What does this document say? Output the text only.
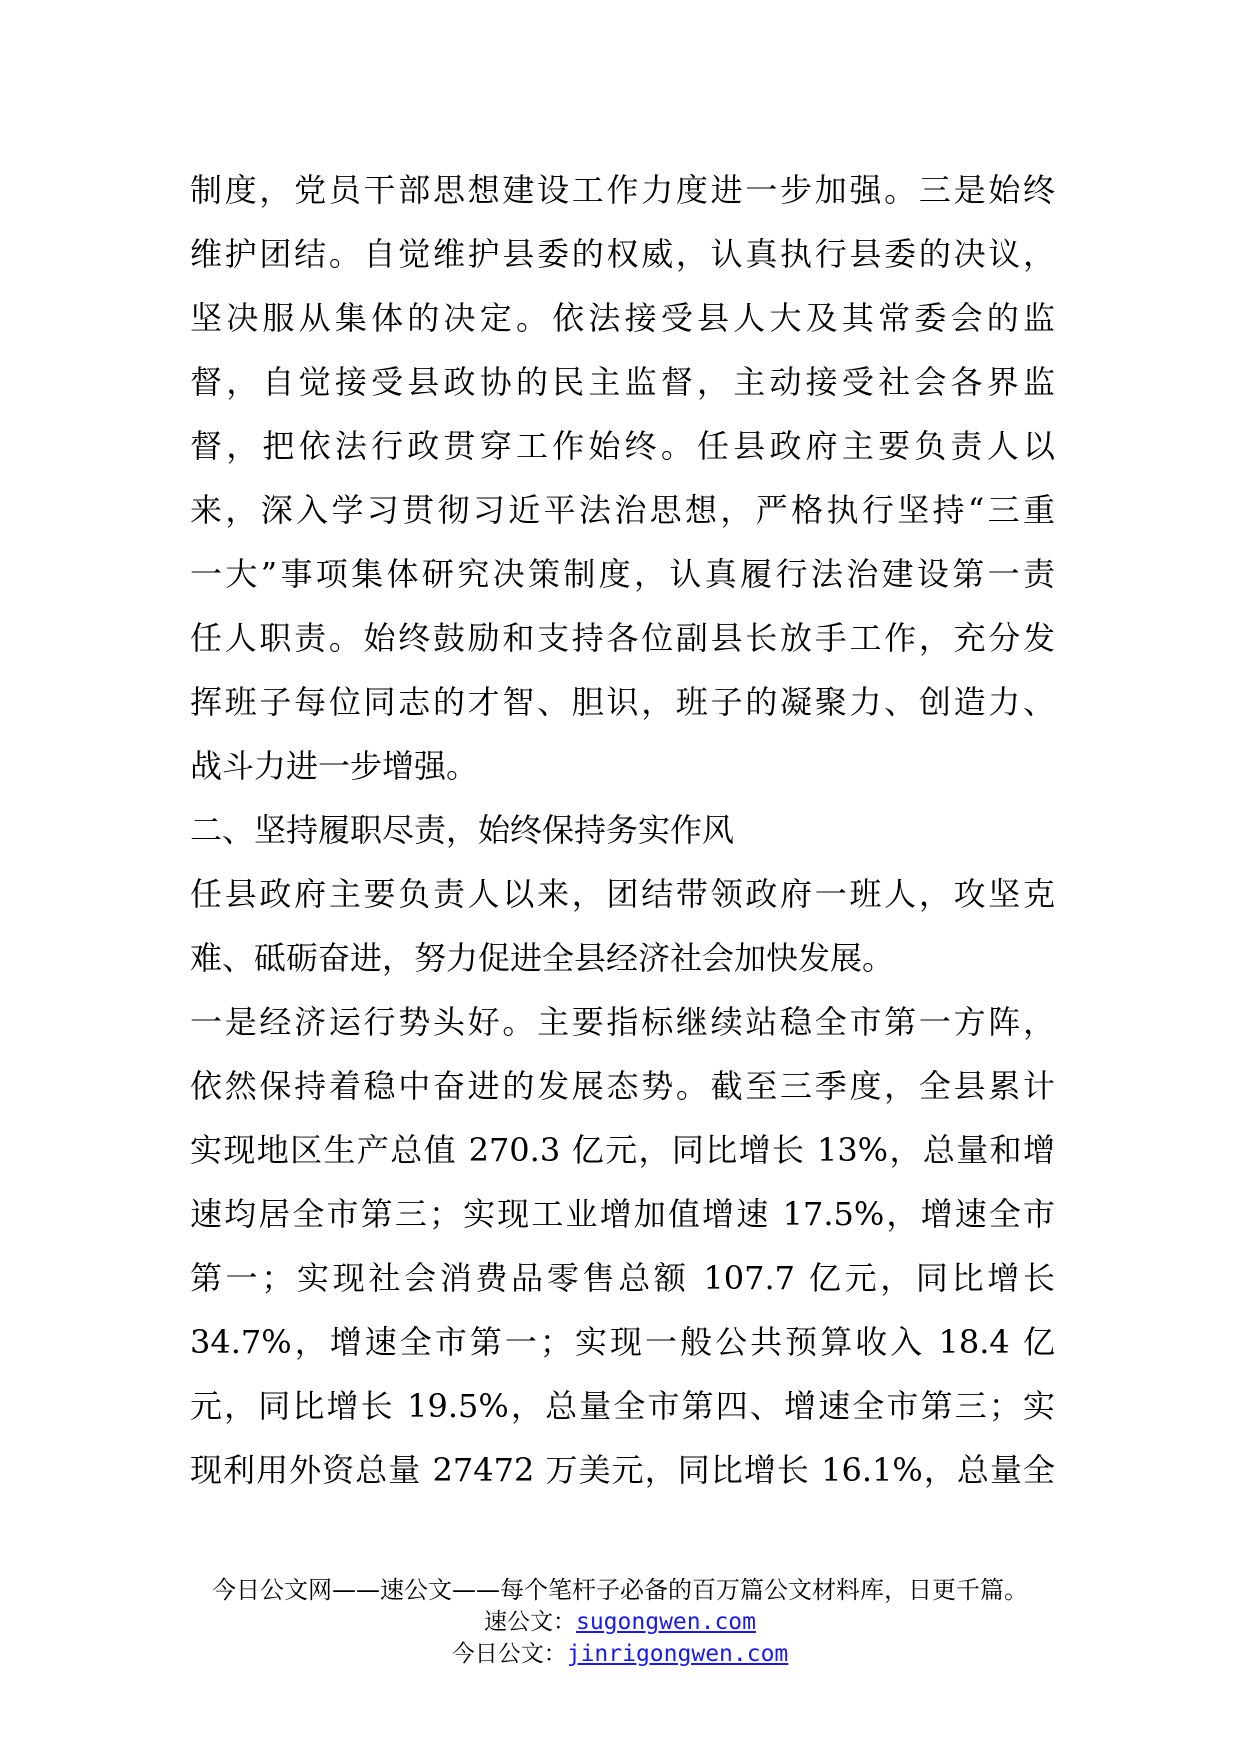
制度，党员干部思想建设工作力度进一步加强。三是始终
维护团结。自觉维护县委的权威，认真执行县委的决议，
坚决服从集体的决定。依法接受县人大及其常委会的监
督，自觉接受县政协的民主监督，主动接受社会各界监
督，把依法行政贯穿工作始终。任县政府主要负责人以
来，深入学习贯彻习近平法治思想，严格执行坚持“三重
一大”事项集体研究决策制度，认真履行法治建设第一责
任人职责。始终鼓励和支持各位副县长放手工作，充分发
挥班子每位同志的才智、胆识，班子的凝聚力、创造力、
战斗力进一步增强。
二、坚持履职尽责，始终保持务实作风
任县政府主要负责人以来，团结带领政府一班人，攻坚克
难、砥砺奋进，努力促进全县经济社会加快发展。
一是经济运行势头好。主要指标继续站稳全市第一方阵，
依然保持着稳中奋进的发展态势。截至三季度，全县累计
实现地区生产总值 270.3 亿元，同比增长 13%，总量和增
速均居全市第三；实现工业增加值增速 17.5%，增速全市
第一；实现社会消费品零售总额 107.7 亿元，同比增长
34.7%，增速全市第一；实现一般公共预算收入 18.4 亿
元，同比增长 19.5%，总量全市第四、增速全市第三；实
现利用外资总量 27472 万美元，同比增长 16.1%，总量全
今日公文网——速公文——每个笔杆子必备的百万篇公文材料库，日更千篇。
速公文：sugongwen.com
今日公文：jinrigongwen.com
